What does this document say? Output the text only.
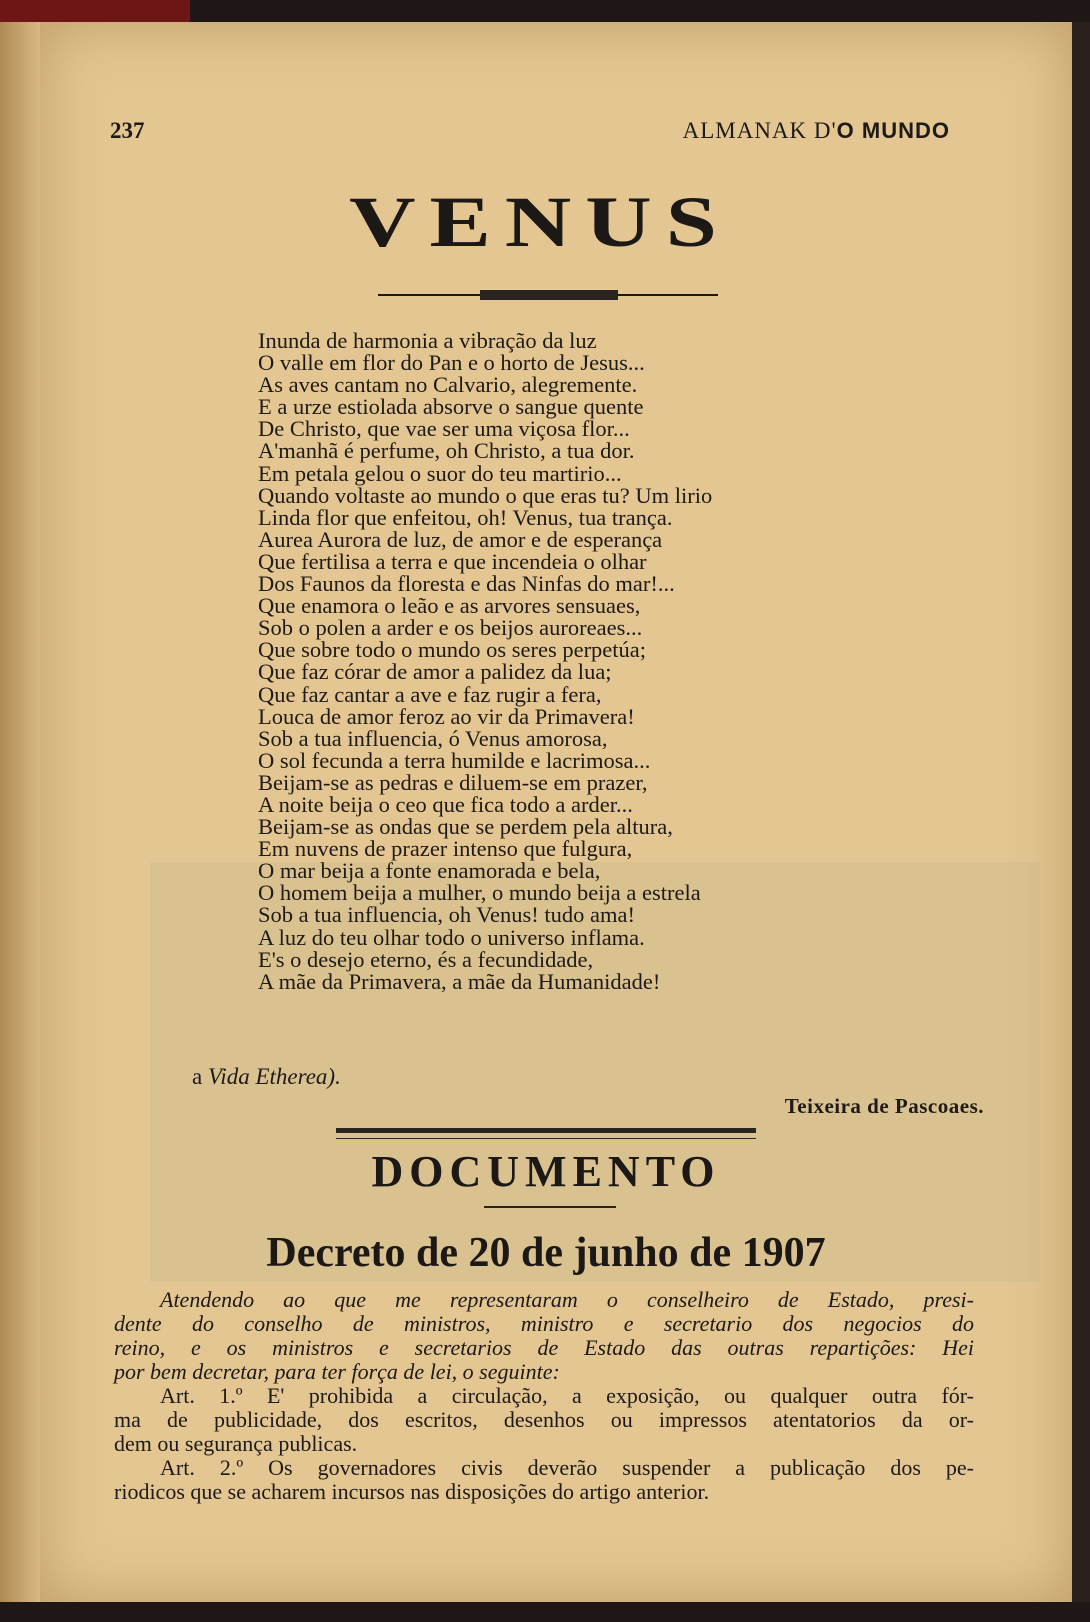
237	ALMANAK D'O MUNDO
VENUS
Inunda de harmonia a vibração da luz
O valle em flor do Pan e o horto de Jesus...
As aves cantam no Calvario, alegremente.
E a urze estiolada absorve o sangue quente
De Christo, que vae ser uma viçosa flor...
A'manhã é perfume, oh Christo, a tua dor.
Em petala gelou o suor do teu martirio...
Quando voltaste ao mundo o que eras tu? Um lirio
Linda flor que enfeitou, oh! Venus, tua trança.
Aurea Aurora de luz, de amor e de esperança
Que fertilisa a terra e que incendeia o olhar
Dos Faunos da floresta e das Ninfas do mar!...
Que enamora o leão e as arvores sensuaes,
Sob o polen a arder e os beijos auroreaes...
Que sobre todo o mundo os seres perpetúa;
Que faz córar de amor a palidez da lua;
Que faz cantar a ave e faz rugir a fera,
Louca de amor feroz ao vir da Primavera!
Sob a tua influencia, ó Venus amorosa,
O sol fecunda a terra humilde e lacrimosa...
Beijam-se as pedras e diluem-se em prazer,
A noite beija o ceo que fica todo a arder...
Beijam-se as ondas que se perdem pela altura,
Em nuvens de prazer intenso que fulgura,
O mar beija a fonte enamorada e bela,
O homem beija a mulher, o mundo beija a estrela
Sob a tua influencia, oh Venus! tudo ama!
A luz do teu olhar todo o universo inflama.
E's o desejo eterno, és a fecundidade,
A mãe da Primavera, a mãe da Humanidade!
a Vida Etherea).
Teixeira de Pascoaes.
DOCUMENTO
Decreto de 20 de junho de 1907
Atendendo ao que me representaram o conselheiro de Estado, presi-
dente do conselho de ministros, ministro e secretario dos negocios do
reino, e os ministros e secretarios de Estado das outras repartições: Hei
por bem decretar, para ter força de lei, o seguinte:
Art. 1.º E' prohibida a circulação, a exposição, ou qualquer outra fór-
ma de publicidade, dos escritos, desenhos ou impressos atentatorios da or-
dem ou segurança publicas.
Art. 2.º Os governadores civis deverão suspender a publicação dos pe-
riodicos que se acharem incursos nas disposições do artigo anterior.
